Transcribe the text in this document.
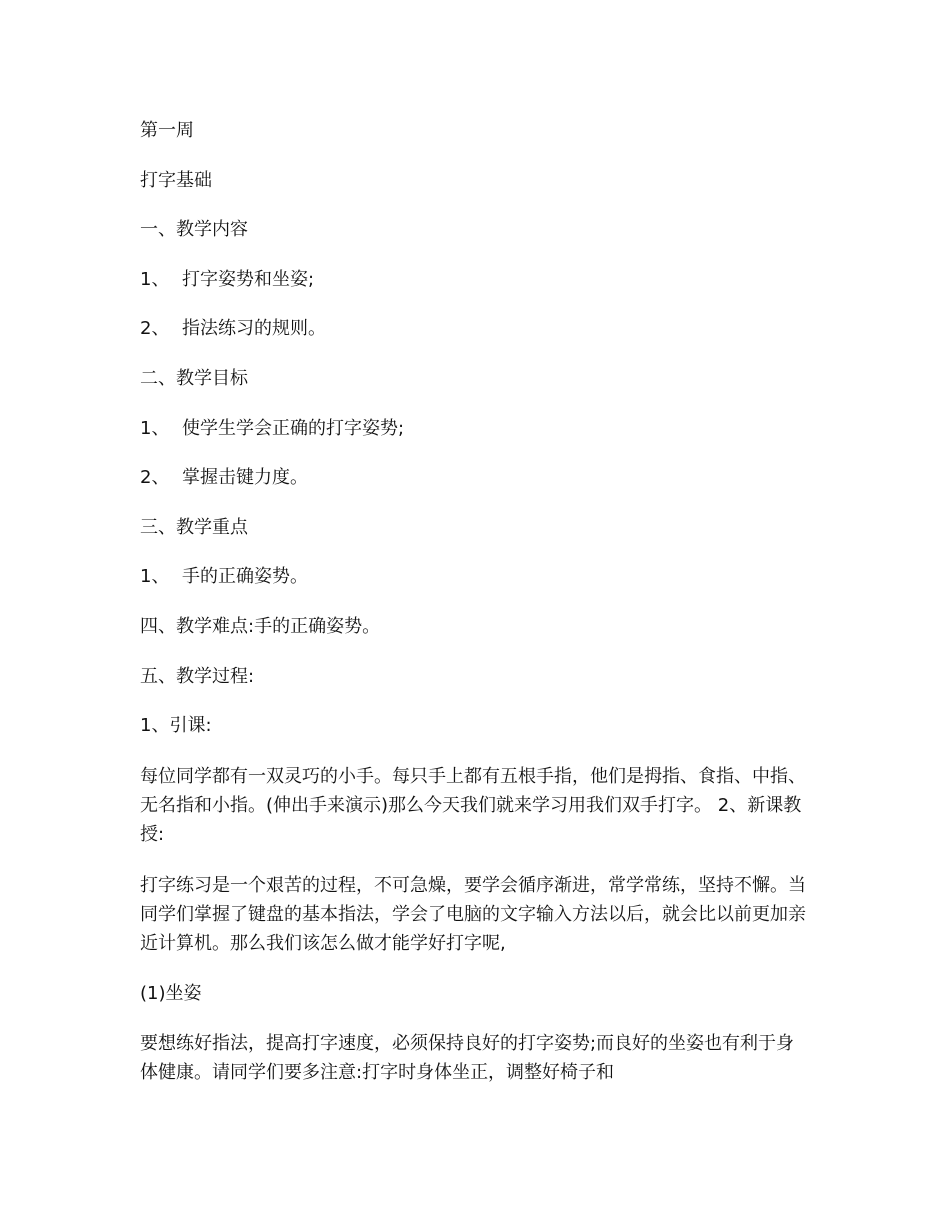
第一周

打字基础

一、教学内容

1、 打字姿势和坐姿;

2、 指法练习的规则。

二、教学目标

1、 使学生学会正确的打字姿势;

2、 掌握击键力度。

三、教学重点

1、 手的正确姿势。

四、教学难点:手的正确姿势。

五、教学过程:

1、引课:

每位同学都有一双灵巧的小手。每只手上都有五根手指，他们是拇指、食指、中指、无名指和小指。(伸出手来演示)那么今天我们就来学习用我们双手打字。 2、新课教授:

打字练习是一个艰苦的过程，不可急燥，要学会循序渐进，常学常练，坚持不懈。当同学们掌握了键盘的基本指法，学会了电脑的文字输入方法以后，就会比以前更加亲近计算机。那么我们该怎么做才能学好打字呢,

(1)坐姿

要想练好指法，提高打字速度，必须保持良好的打字姿势;而良好的坐姿也有利于身体健康。请同学们要多注意:打字时身体坐正，调整好椅子和
